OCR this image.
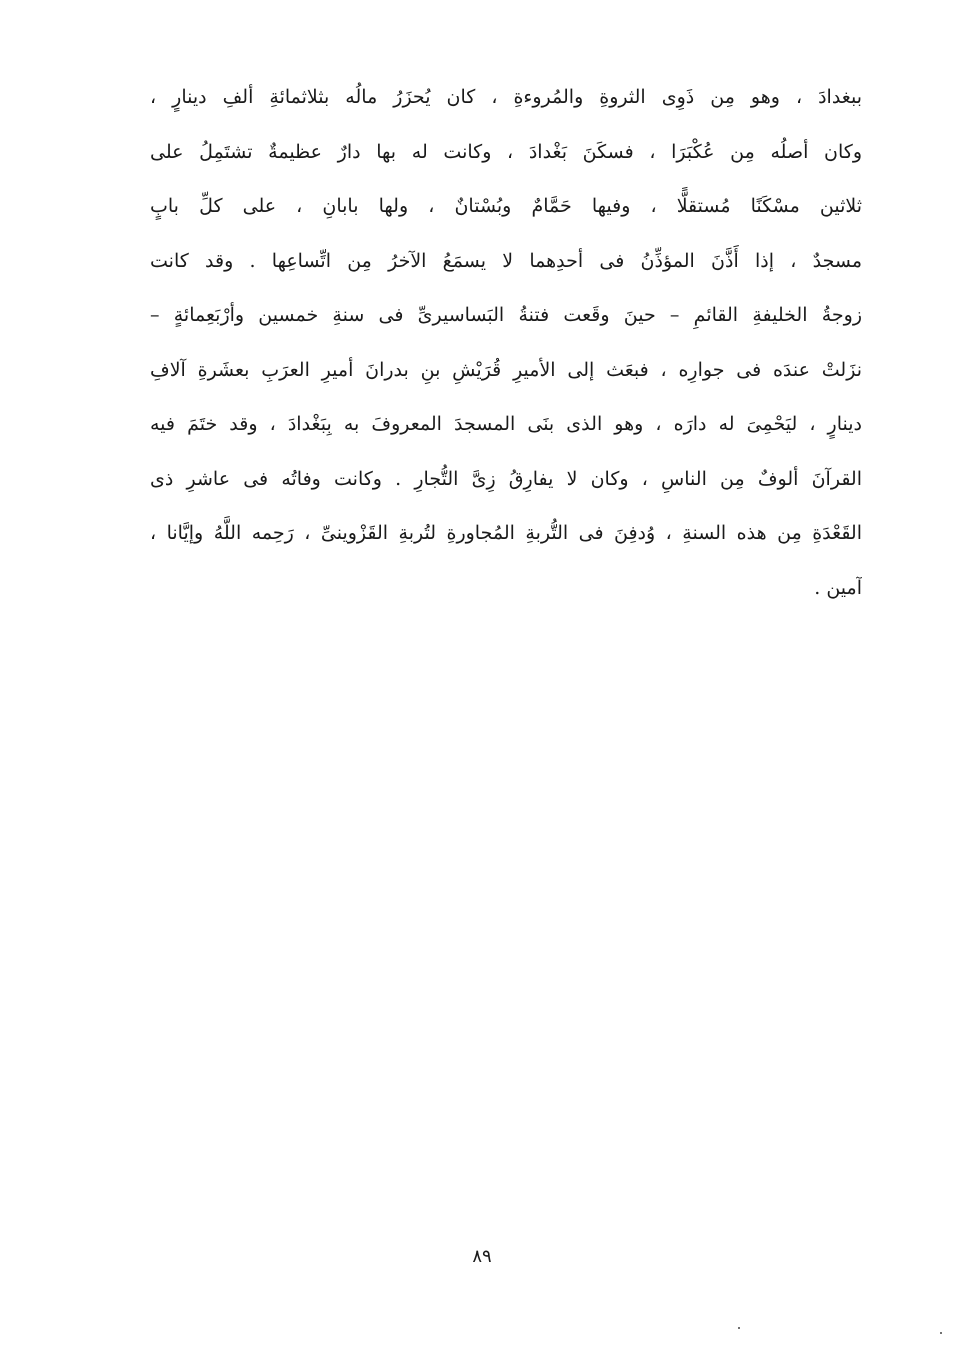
ببغدادَ ، وهو مِن ذَوِى الثروةِ والمُروءةِ ، كان يُحزَرُ مالُه بثلاثمائةِ ألفِ دينارٍ ،
وكان أصلُه مِن عُكْبَرَا ، فسكَنَ بَغْدادَ ، وكانت له بها دارٌ عظيمةٌ تشتَمِلُ على
ثلاثين مسْكَنًا مُستقلًّا ، وفيها حَمَّامٌ وبُسْتانٌ ، ولها بابانِ ، على كلِّ بابٍ
مسجدٌ ، إذا أَذَّنَ المؤذِّنُ فى أحدِهما لا يسمَعُ الآخرُ مِن اتِّساعِها . وقد كانت
زوجةُ الخليفةِ القائمِ – حينَ وقَعت فتنةُ البَساسيرىِّ فى سنةِ خمسين وأرْبَعِمائةٍ –
نزَلتْ عندَه فى جوارِه ، فبعَث إلى الأميرِ قُرَيْشِ بنِ بدرانَ أميرِ العرَبِ بعشَرةِ آلافِ
دينارٍ ، ليَحْمِىَ له دارَه ، وهو الذى بنَى المسجدَ المعروفَ به بِبَغْدادَ ، وقد ختَمَ فيه
القرآنَ ألوفٌ مِن الناسِ ، وكان لا يفارِقُ زِىَّ التُّجارِ . وكانت وفاتُه فى عاشرِ ذى
القَعْدَةِ مِن هذه السنةِ ، وُدفِنَ فى التُّربةِ المُجاورةِ لتُربةِ القَزْوينىِّ ، رَحِمه اللَّهُ وإيَّانا ،
آمين .
٨٩
